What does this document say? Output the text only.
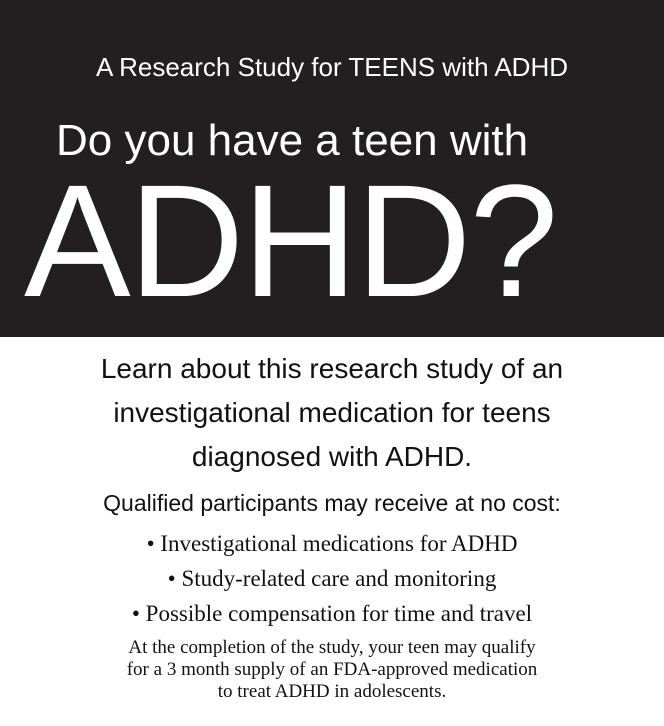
A Research Study for TEENS with ADHD
Do you have a teen with
ADHD?
Learn about this research study of an
investigational medication for teens
diagnosed with ADHD.
Qualified participants may receive at no cost:
• Investigational medications for ADHD
• Study-related care and monitoring
• Possible compensation for time and travel
At the completion of the study, your teen may qualify
for a 3 month supply of an FDA-approved medication
to treat ADHD in adolescents.
